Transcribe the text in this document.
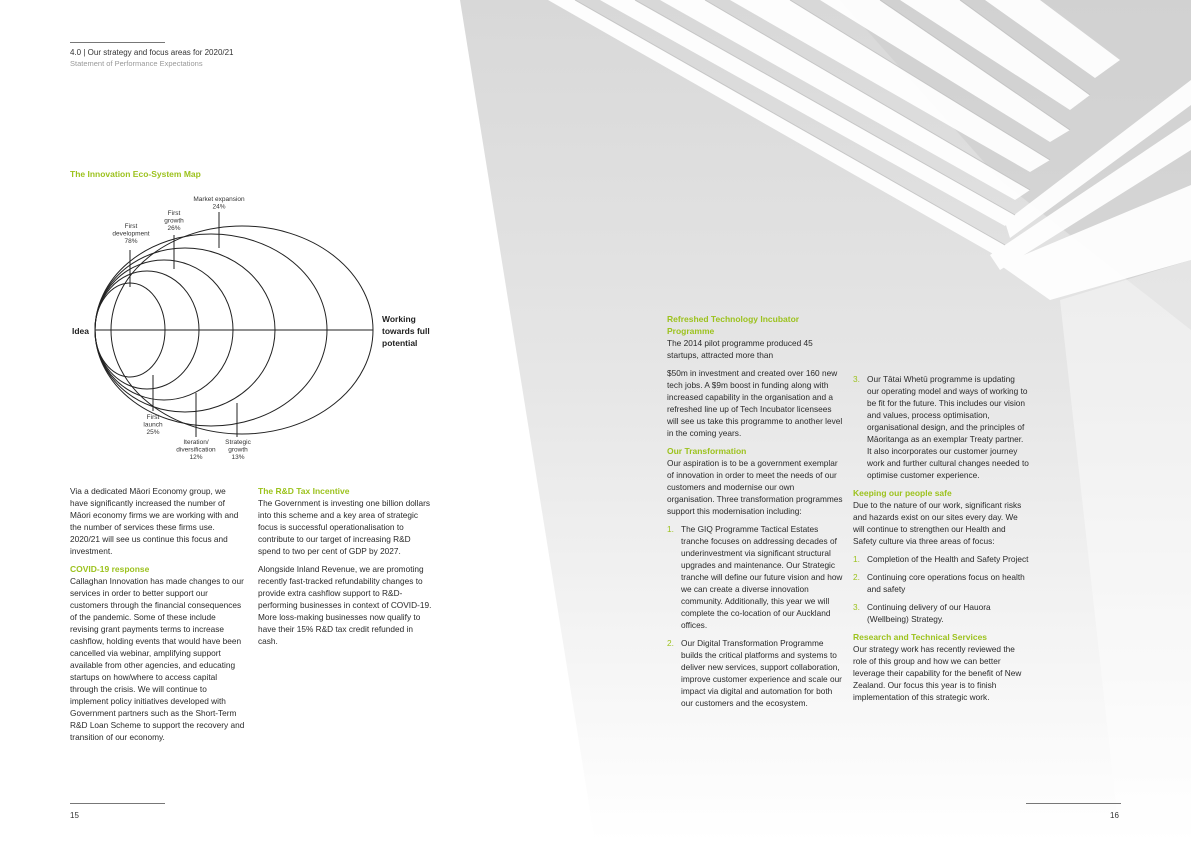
4.0 | Our strategy and focus areas for 2020/21
Statement of Performance Expectations
The Innovation Eco-System Map
First development 78%
First growth 26%
Market expansion 24%
First launch 25%
Iteration/ diversification 12%
Strategic growth 13%
Idea
Working towards full potential

Via a dedicated Māori Economy group, we have significantly increased the number of Māori economy firms we are working with and the number of services these firms use. 2020/21 will see us continue this focus and investment.

COVID-19 response

Callaghan Innovation has made changes to our services in order to better support our customers through the financial consequences of the pandemic. Some of these include revising grant payments terms to increase cashflow, holding events that would have been cancelled via webinar, amplifying support available from other agencies, and educating startups on how/where to access capital through the crisis. We will continue to implement policy initiatives developed with Government partners such as the Short-Term R&D Loan Scheme to support the recovery and transition of our economy.

The R&D Tax Incentive

The Government is investing one billion dollars into this scheme and a key area of strategic focus is successful operationalisation to contribute to our target of increasing R&D spend to two per cent of GDP by 2027.

Alongside Inland Revenue, we are promoting recently fast-tracked refundability changes to provide extra cashflow support to R&D-performing businesses in context of COVID-19. More loss-making businesses now qualify to have their 15% R&D tax credit refunded in cash.

Refreshed Technology Incubator Programme

The 2014 pilot programme produced 45 startups, attracted more than

$50m in investment and created over 160 new tech jobs. A $9m boost in funding along with increased capability in the organisation and a refreshed line up of Tech Incubator licensees will see us take this programme to another level in the coming years.

Our Transformation

Our aspiration is to be a government exemplar of innovation in order to meet the needs of our customers and modernise our own organisation. Three transformation programmes support this modernisation including:

1. The GIQ Programme Tactical Estates tranche focuses on addressing decades of underinvestment via significant structural upgrades and maintenance. Our Strategic tranche will define our future vision and how we can create a diverse innovation community. Additionally, this year we will complete the co-location of our Auckland offices.
2. Our Digital Transformation Programme builds the critical platforms and systems to deliver new services, support collaboration, improve customer experience and scale our impact via digital and automation for both our customers and the ecosystem.
3. Our Tātai Whetū programme is updating our operating model and ways of working to be fit for the future. This includes our vision and values, process optimisation, organisational design, and the principles of Māoritanga as an exemplar Treaty partner. It also incorporates our customer journey work and further cultural changes needed to optimise customer experience.
Keeping our people safe

Due to the nature of our work, significant risks and hazards exist on our sites every day. We will continue to strengthen our Health and Safety culture via three areas of focus:

1. Completion of the Health and Safety Project
2. Continuing core operations focus on health and safety
3. Continuing delivery of our Hauora (Wellbeing) Strategy.
Research and Technical Services

Our strategy work has recently reviewed the role of this group and how we can better leverage their capability for the benefit of New Zealand. Our focus this year is to finish implementation of this strategic work.

15	16
